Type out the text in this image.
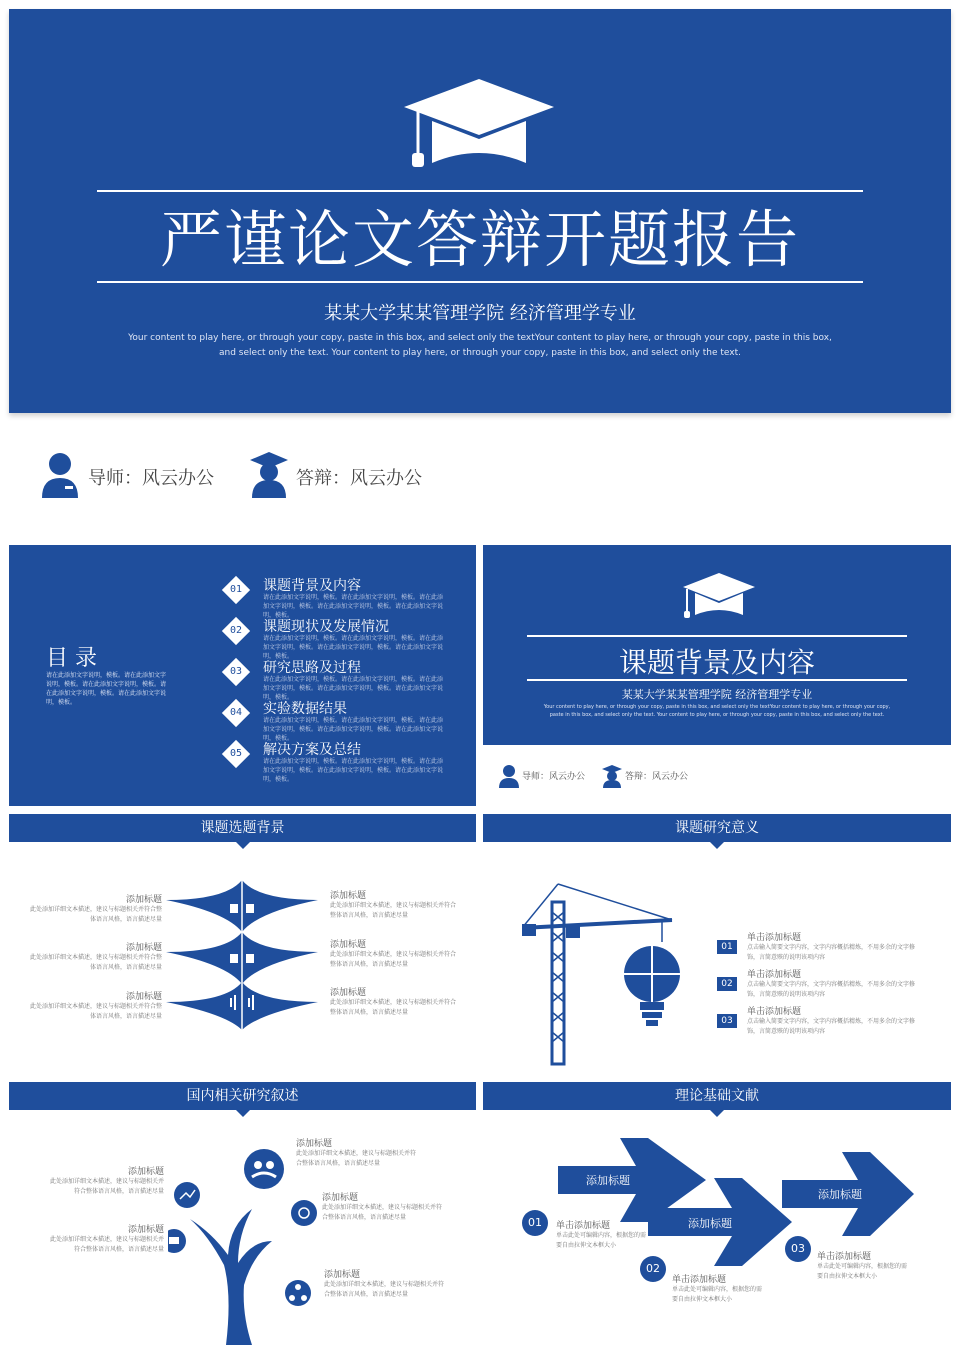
严谨论文答辩开题报告
某某大学某某管理学院 经济管理学专业
Your content to play here, or through your copy, paste in this box, and select only the textYour content to play here, or through your copy, paste in this box, and select only the text. Your content to play here, or through your copy, paste in this box, and select only the text.
导师：风云办公	答辩：风云办公
目 录
请在此添加文字说明，模板。请在此添加文字说明，模板。请在此添加文字说明，模板。请在此添加文字说明，模板。请在此添加文字说明，模板。
01	课题背景及内容
请在此添加文字说明，模板。请在此添加文字说明，模板。请在此添加文字说明，模板。请在此添加文字说明，模板。请在此添加文字说明，模板。
02	课题现状及发展情况
请在此添加文字说明，模板。请在此添加文字说明，模板。请在此添加文字说明，模板。请在此添加文字说明，模板。请在此添加文字说明，模板。
03	研究思路及过程
请在此添加文字说明，模板。请在此添加文字说明，模板。请在此添加文字说明，模板。请在此添加文字说明，模板。请在此添加文字说明，模板。
04	实验数据结果
请在此添加文字说明，模板。请在此添加文字说明，模板。请在此添加文字说明，模板。请在此添加文字说明，模板。请在此添加文字说明，模板。
05	解决方案及总结
请在此添加文字说明，模板。请在此添加文字说明，模板。请在此添加文字说明，模板。请在此添加文字说明，模板。请在此添加文字说明，模板。
课题背景及内容
某某大学某某管理学院 经济管理学专业
Your content to play here, or through your copy, paste in this box, and select only the textYour content to play here, or through your copy, paste in this box, and select only the text. Your content to play here, or through your copy, paste in this box, and select only the text.
导师：风云办公	答辩：风云办公
课题选题背景
添加标题
此处添加详细文本描述，建议与标题相关并符合整体语言风格，语言描述尽量
添加标题
此处添加详细文本描述，建议与标题相关并符合整体语言风格，语言描述尽量
添加标题
此处添加详细文本描述，建议与标题相关并符合整体语言风格，语言描述尽量
添加标题
此处添加详细文本描述，建议与标题相关并符合整体语言风格，语言描述尽量
添加标题
此处添加详细文本描述，建议与标题相关并符合整体语言风格，语言描述尽量
添加标题
此处添加详细文本描述，建议与标题相关并符合整体语言风格，语言描述尽量
课题研究意义
01
单击添加标题
点击输入简要文字内容，文字内容概括精炼，不用多余的文字修饰，言简意赅的说明该项内容
02
单击添加标题
点击输入简要文字内容，文字内容概括精炼，不用多余的文字修饰，言简意赅的说明该项内容
03
单击添加标题
点击输入简要文字内容，文字内容概括精炼，不用多余的文字修饰，言简意赅的说明该项内容
国内相关研究叙述
添加标题
此处添加详细文本描述，建议与标题相关并符合整体语言风格，语言描述尽量
添加标题
此处添加详细文本描述，建议与标题相关并符合整体语言风格，语言描述尽量
添加标题
此处添加详细文本描述，建议与标题相关并符合整体语言风格，语言描述尽量
添加标题
此处添加详细文本描述，建议与标题相关并符合整体语言风格，语言描述尽量
添加标题
此处添加详细文本描述，建议与标题相关并符合整体语言风格，语言描述尽量
理论基础文献
添加标题
添加标题
添加标题
01	单击添加标题
单击此处可编辑内容，根据您的需要自由拉伸文本框大小
02
单击添加标题
单击此处可编辑内容，根据您的需要自由拉伸文本框大小
03
单击添加标题
单击此处可编辑内容，根据您的需要自由拉伸文本框大小
